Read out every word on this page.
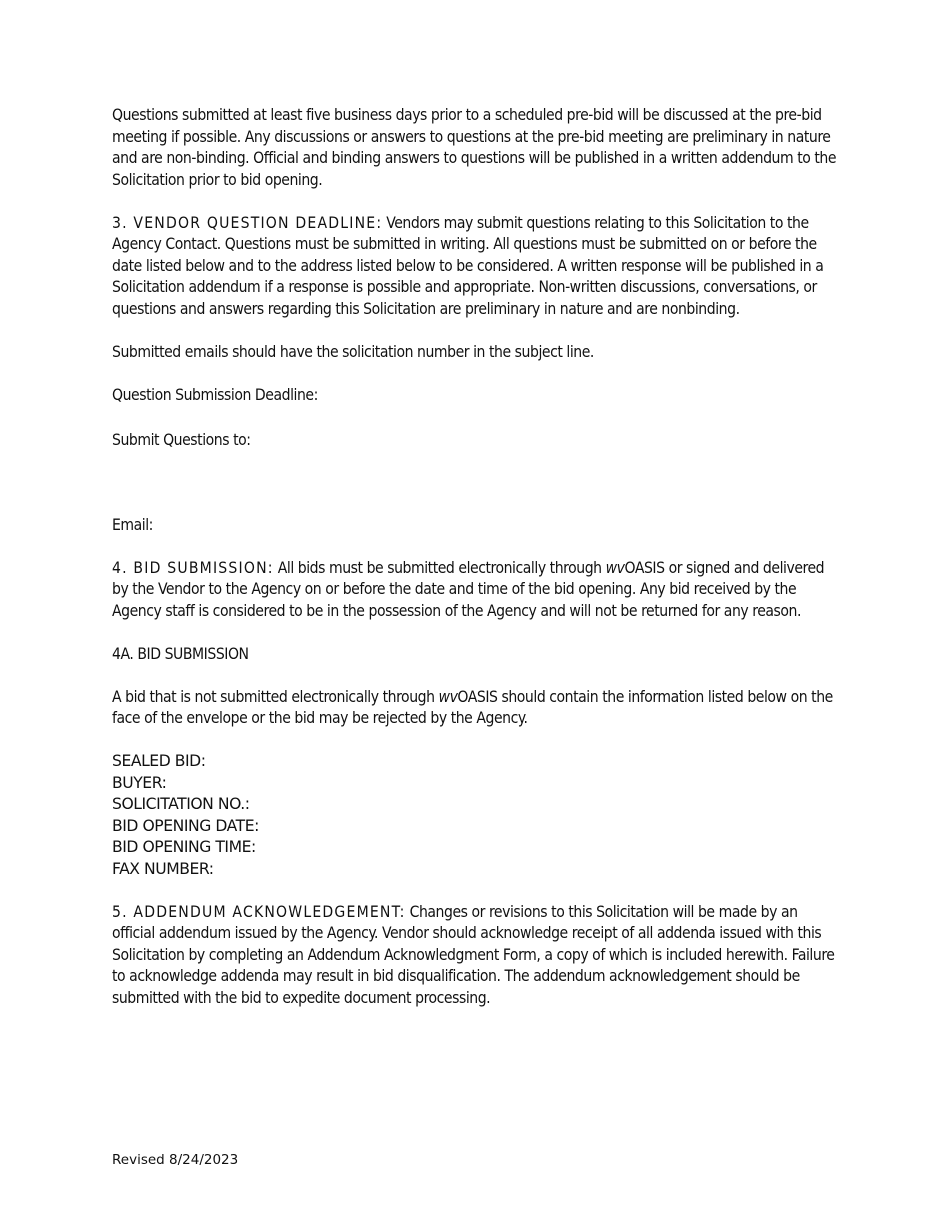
Questions submitted at least five business days prior to a scheduled pre-bid will be discussed at the pre-bid meeting if possible. Any discussions or answers to questions at the pre-bid meeting are preliminary in nature and are non-binding. Official and binding answers to questions will be published in a written addendum to the Solicitation prior to bid opening.

3. VENDOR QUESTION DEADLINE: Vendors may submit questions relating to this Solicitation to the Agency Contact. Questions must be submitted in writing. All questions must be submitted on or before the date listed below and to the address listed below to be considered. A written response will be published in a Solicitation addendum if a response is possible and appropriate. Non-written discussions, conversations, or questions and answers regarding this Solicitation are preliminary in nature and are nonbinding.

Submitted emails should have the solicitation number in the subject line.

Question Submission Deadline:

Submit Questions to:

Email:

4. BID SUBMISSION: All bids must be submitted electronically through wvOASIS or signed and delivered by the Vendor to the Agency on or before the date and time of the bid opening. Any bid received by the Agency staff is considered to be in the possession of the Agency and will not be returned for any reason.

4A. BID SUBMISSION

A bid that is not submitted electronically through wvOASIS should contain the information listed below on the face of the envelope or the bid may be rejected by the Agency.

SEALED BID:
BUYER:
SOLICITATION NO.:
BID OPENING DATE:
BID OPENING TIME:
FAX NUMBER:

5. ADDENDUM ACKNOWLEDGEMENT: Changes or revisions to this Solicitation will be made by an official addendum issued by the Agency. Vendor should acknowledge receipt of all addenda issued with this Solicitation by completing an Addendum Acknowledgment Form, a copy of which is included herewith. Failure to acknowledge addenda may result in bid disqualification. The addendum acknowledgement should be submitted with the bid to expedite document processing.

Revised 8/24/2023
